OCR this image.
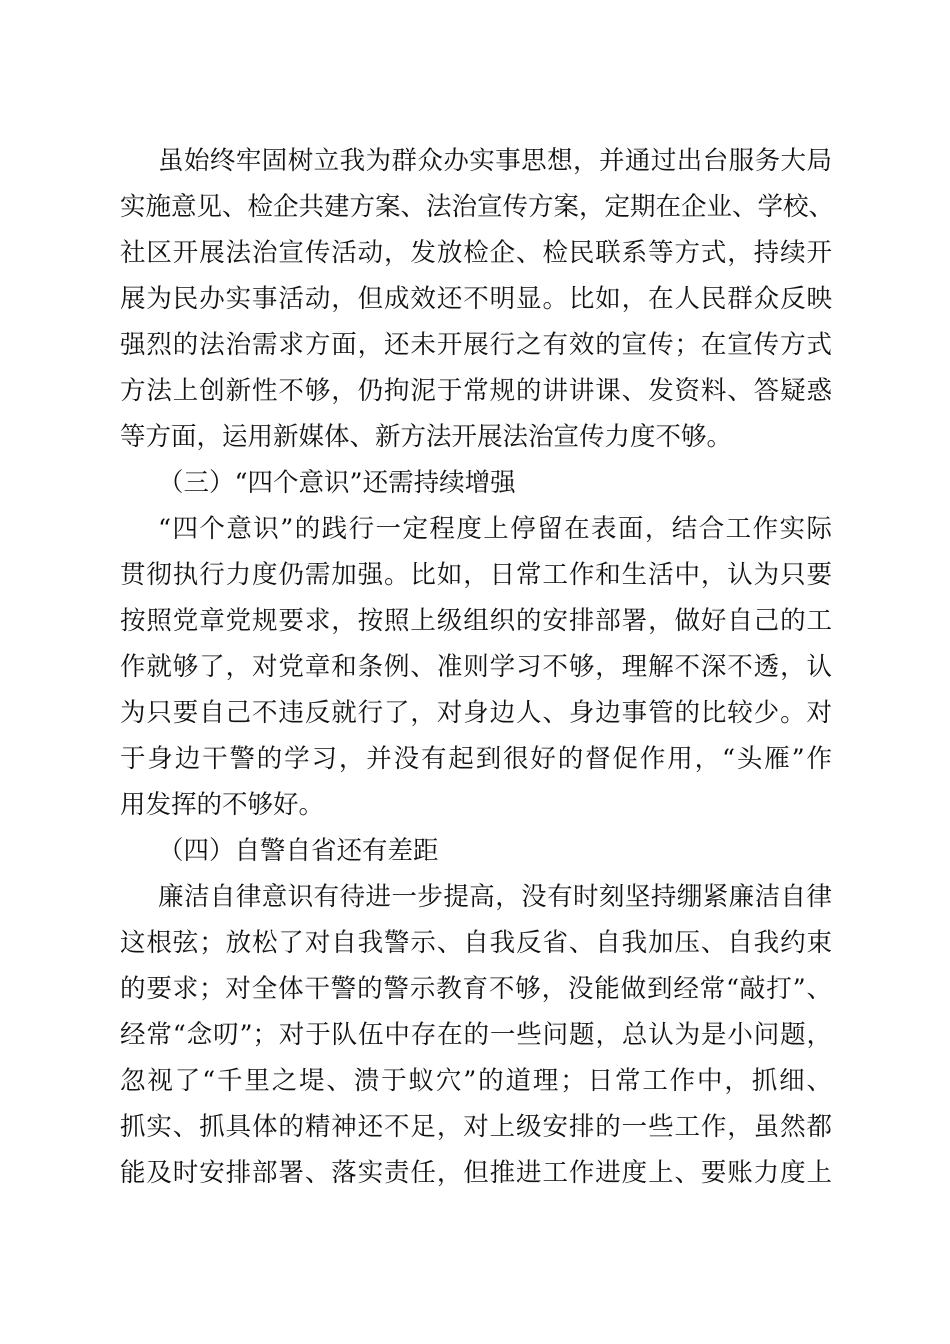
虽始终牢固树立我为群众办实事思想，并通过出台服务大局
实施意见、检企共建方案、法治宣传方案，定期在企业、学校、
社区开展法治宣传活动，发放检企、检民联系等方式，持续开
展为民办实事活动，但成效还不明显。比如，在人民群众反映
强烈的法治需求方面，还未开展行之有效的宣传；在宣传方式
方法上创新性不够，仍拘泥于常规的讲讲课、发资料、答疑惑
等方面，运用新媒体、新方法开展法治宣传力度不够。
（三）“四个意识”还需持续增强
“四个意识”的践行一定程度上停留在表面，结合工作实际
贯彻执行力度仍需加强。比如，日常工作和生活中，认为只要
按照党章党规要求，按照上级组织的安排部署，做好自己的工
作就够了，对党章和条例、准则学习不够，理解不深不透，认
为只要自己不违反就行了，对身边人、身边事管的比较少。对
于身边干警的学习，并没有起到很好的督促作用，“头雁”作
用发挥的不够好。
（四）自警自省还有差距
廉洁自律意识有待进一步提高，没有时刻坚持绷紧廉洁自律
这根弦；放松了对自我警示、自我反省、自我加压、自我约束
的要求；对全体干警的警示教育不够，没能做到经常“敲打”、
经常“念叨”；对于队伍中存在的一些问题，总认为是小问题，
忽视了“千里之堤、溃于蚁穴”的道理；日常工作中，抓细、
抓实、抓具体的精神还不足，对上级安排的一些工作，虽然都
能及时安排部署、落实责任，但推进工作进度上、要账力度上
